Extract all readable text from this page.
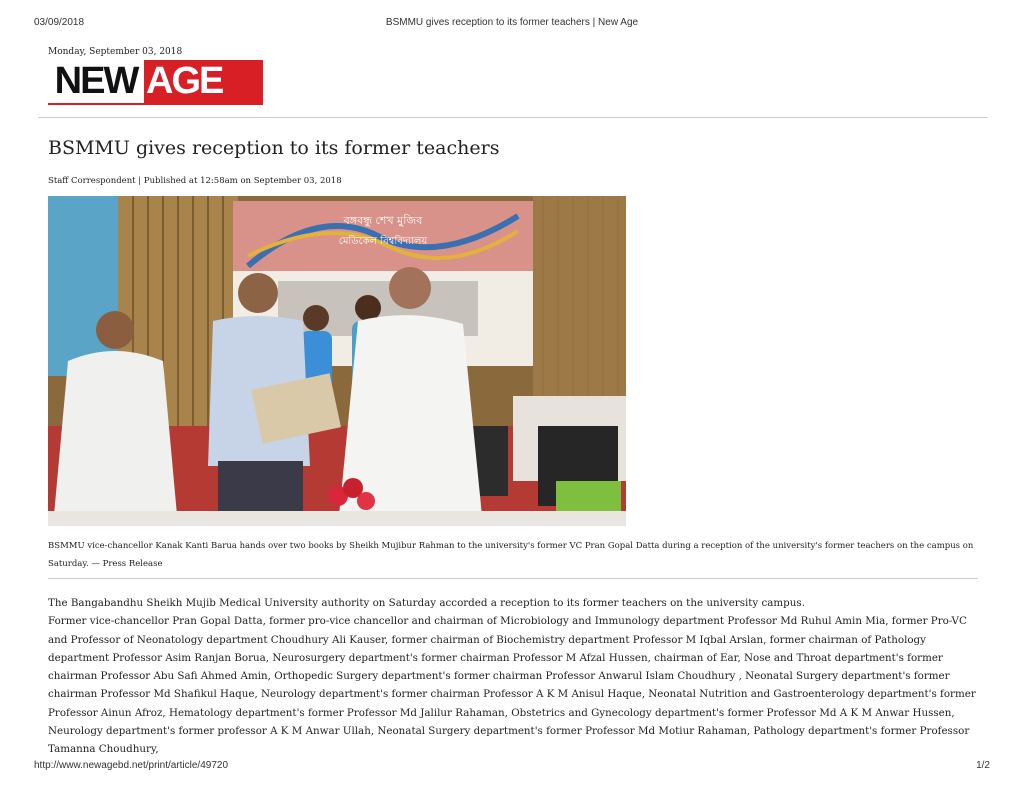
03/09/2018	BSMMU gives reception to its former teachers | New Age
Monday, September 03, 2018
NEW AGE
BSMMU gives reception to its former teachers
Staff Correspondent | Published at 12:58am on September 03, 2018
বঙ্গবন্ধু শেখ মুজিব
মেডিকেল বিশ্ববিদ্যালয়
BSMMU vice-chancellor Kanak Kanti Barua hands over two books by Sheikh Mujibur Rahman to the university's former VC Pran Gopal Datta during a reception of the university's former teachers on the campus on Saturday. — Press Release

The Bangabandhu Sheikh Mujib Medical University authority on Saturday accorded a reception to its former teachers on the university campus.

Former vice-chancellor Pran Gopal Datta, former pro-vice chancellor and chairman of Microbiology and Immunology department Professor Md Ruhul Amin Mia, former Pro-VC and Professor of Neonatology department Choudhury Ali Kauser, former chairman of Biochemistry department Professor M Iqbal Arslan, former chairman of Pathology department Professor Asim Ranjan Borua, Neurosurgery department's former chairman Professor M Afzal Hussen, chairman of Ear, Nose and Throat department's former chairman Professor Abu Safi Ahmed Amin, Orthopedic Surgery department's former chairman Professor Anwarul Islam Choudhury , Neonatal Surgery department's former chairman Professor Md Shafikul Haque, Neurology department's former chairman Professor A K M Anisul Haque, Neonatal Nutrition and Gastroenterology department's former Professor Ainun Afroz, Hematology department's former Professor Md Jalilur Rahaman, Obstetrics and Gynecology department's former Professor Md A K M Anwar Hussen, Neurology department's former professor A K M Anwar Ullah, Neonatal Surgery department's former Professor Md Motiur Rahaman, Pathology department's former Professor Tamanna Choudhury,

http://www.newagebd.net/print/article/49720	1/2
